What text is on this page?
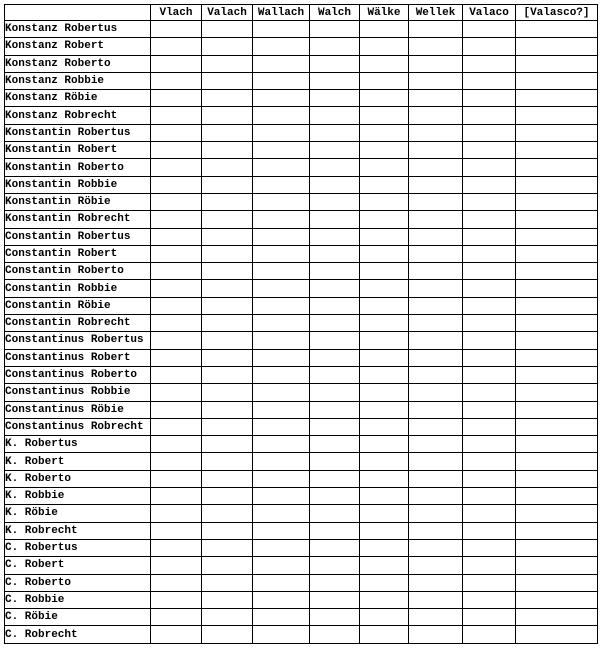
	Vlach	Valach	Wallach	Walch	Wälke	Wellek	Valaco	[Valasco?]
Konstanz Robertus								
Konstanz Robert								
Konstanz Roberto								
Konstanz Robbie								
Konstanz Röbie								
Konstanz Robrecht								
Konstantin Robertus								
Konstantin Robert								
Konstantin Roberto								
Konstantin Robbie								
Konstantin Röbie								
Konstantin Robrecht								
Constantin Robertus								
Constantin Robert								
Constantin Roberto								
Constantin Robbie								
Constantin Röbie								
Constantin Robrecht								
Constantinus Robertus								
Constantinus Robert								
Constantinus Roberto								
Constantinus Robbie								
Constantinus Röbie								
Constantinus Robrecht								
K. Robertus								
K. Robert								
K. Roberto								
K. Robbie								
K. Röbie								
K. Robrecht								
C. Robertus								
C. Robert								
C. Roberto								
C. Robbie								
C. Röbie								
C. Robrecht								
